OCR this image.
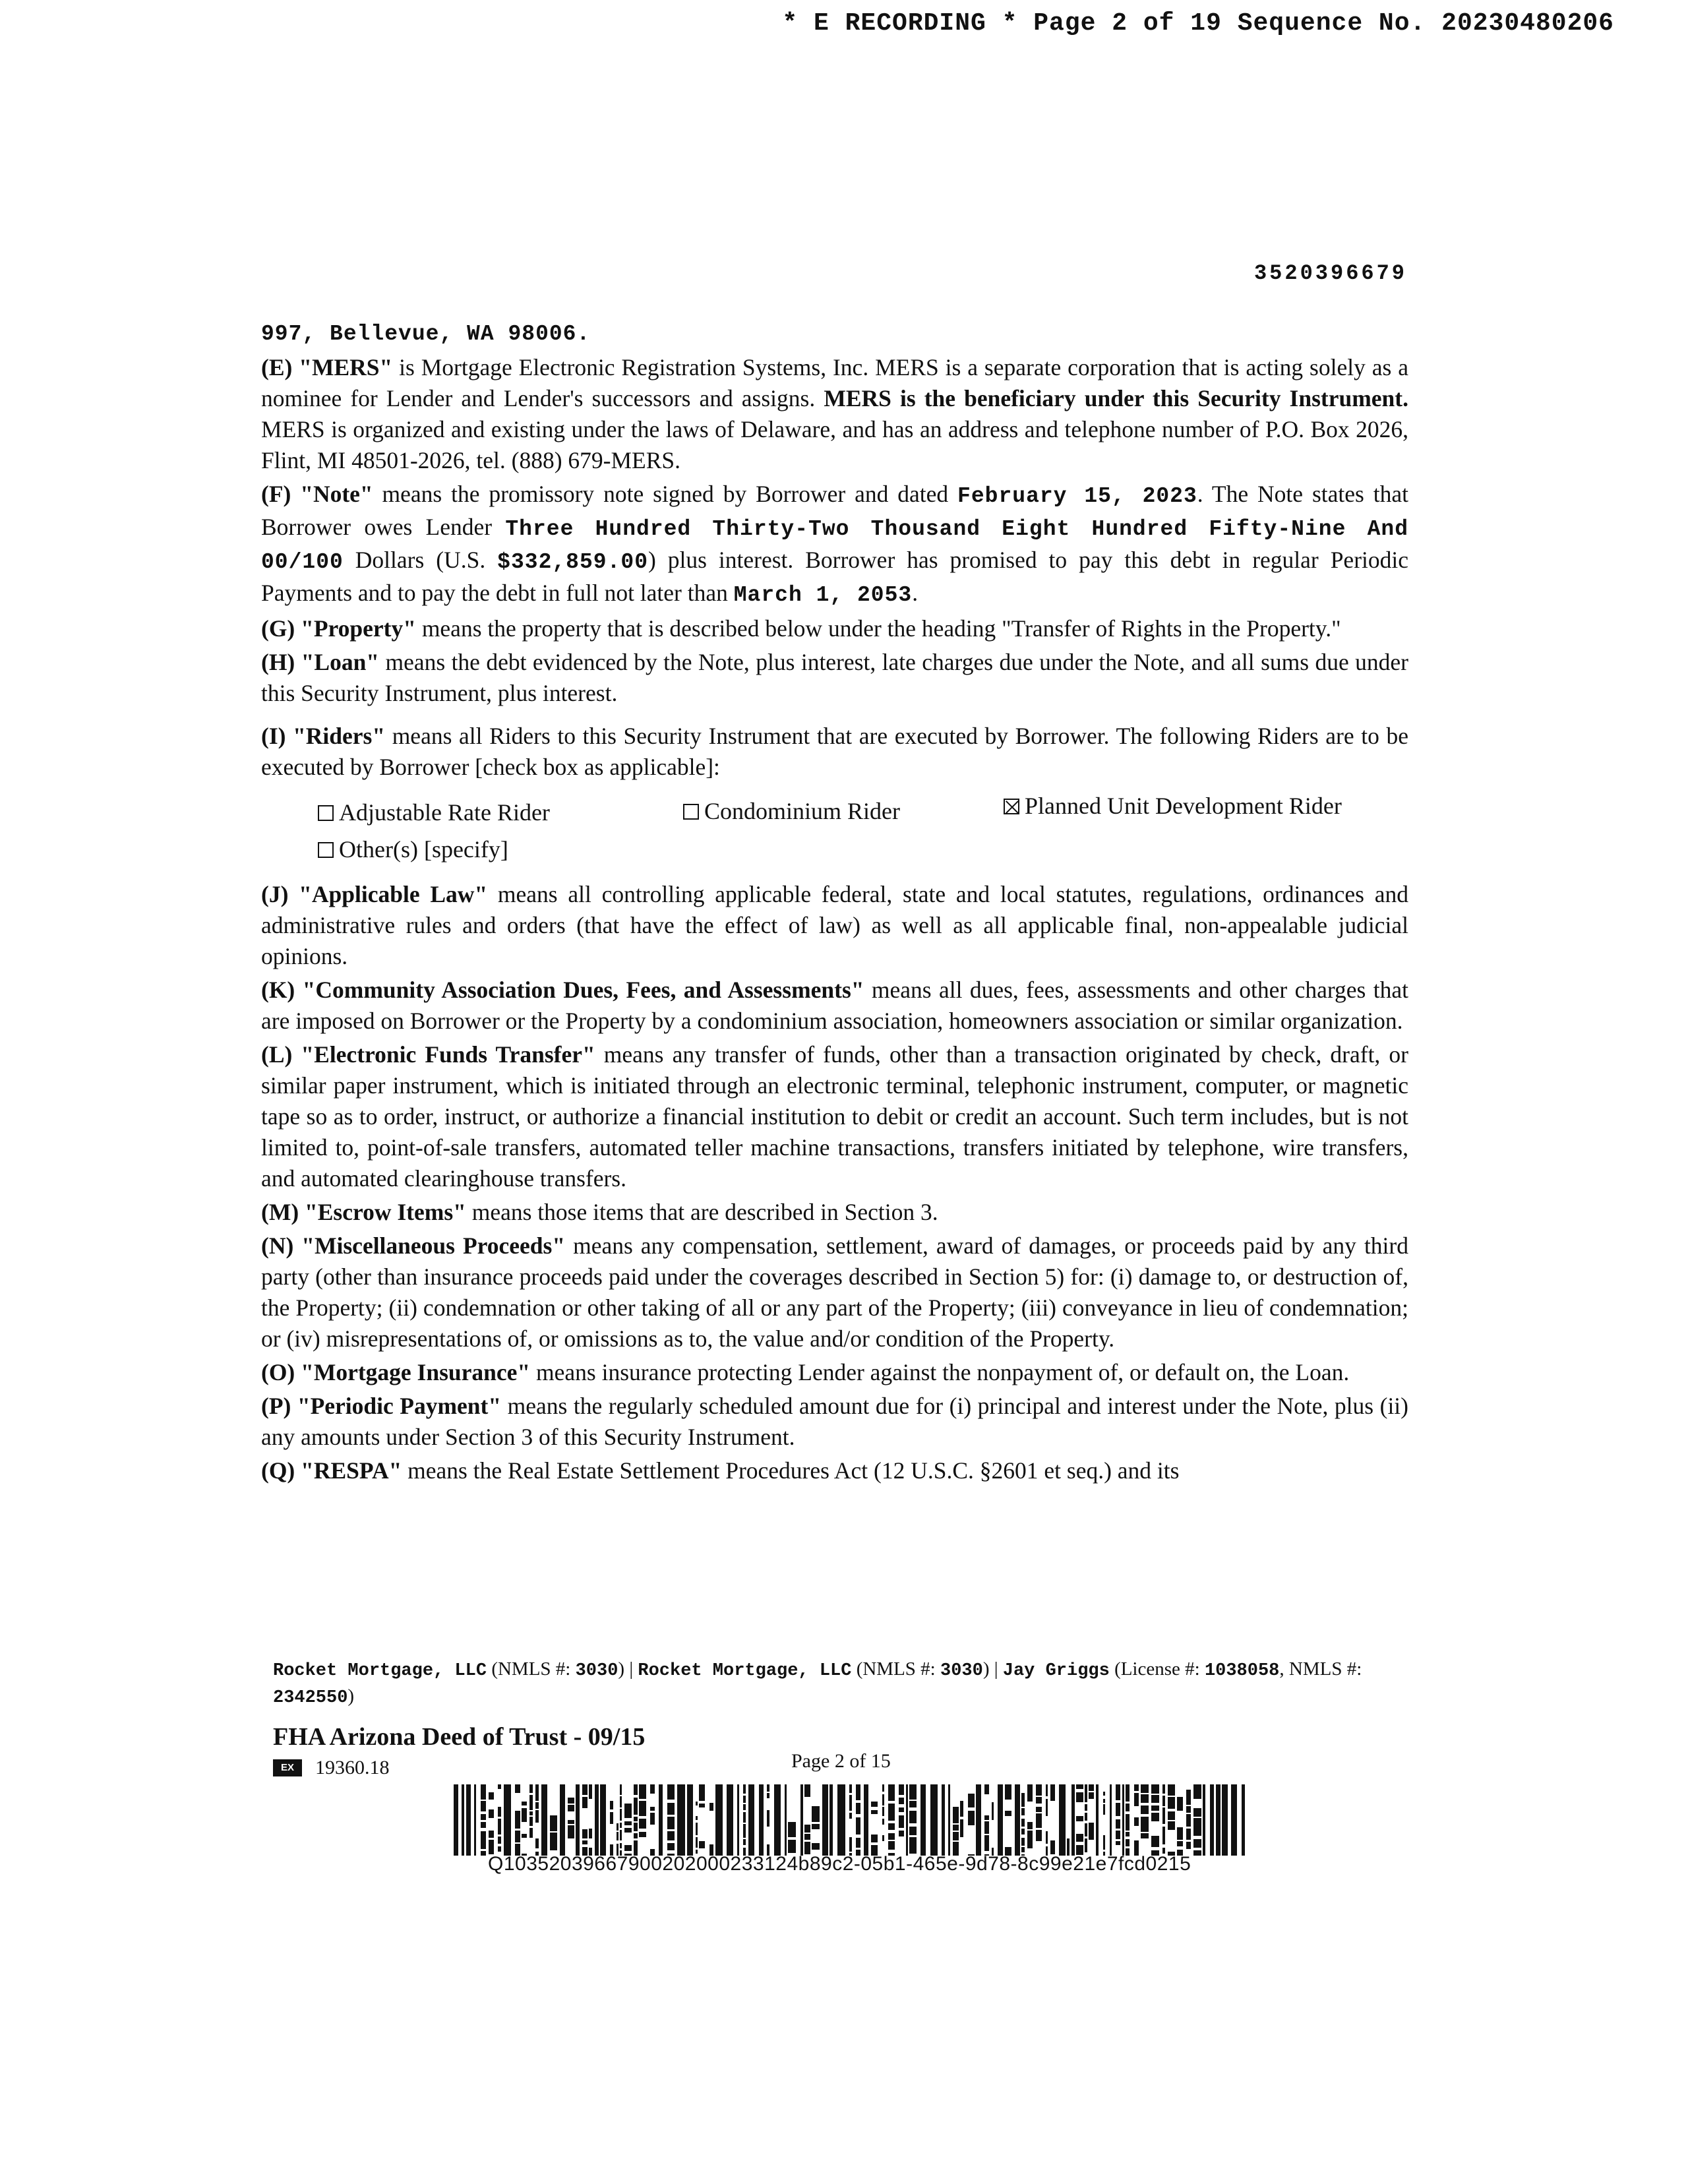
* E RECORDING * Page 2 of 19 Sequence No. 20230480206
3520396679

997, Bellevue, WA 98006.

(E) "MERS" is Mortgage Electronic Registration Systems, Inc. MERS is a separate corporation that is acting solely as a nominee for Lender and Lender's successors and assigns. MERS is the beneficiary under this Security Instrument. MERS is organized and existing under the laws of Delaware, and has an address and telephone number of P.O. Box 2026, Flint, MI 48501-2026, tel. (888) 679-MERS.

(F) "Note" means the promissory note signed by Borrower and dated February 15, 2023. The Note states that Borrower owes Lender Three Hundred Thirty-Two Thousand Eight Hundred Fifty-Nine And 00/100 Dollars (U.S. $332,859.00) plus interest. Borrower has promised to pay this debt in regular Periodic Payments and to pay the debt in full not later than March 1, 2053.

(G) "Property" means the property that is described below under the heading "Transfer of Rights in the Property."

(H) "Loan" means the debt evidenced by the Note, plus interest, late charges due under the Note, and all sums due under this Security Instrument, plus interest.

(I) "Riders" means all Riders to this Security Instrument that are executed by Borrower. The following Riders are to be executed by Borrower [check box as applicable]:

Adjustable Rate Rider	Condominium Rider	Planned Unit Development Rider
Other(s) [specify]

(J) "Applicable Law" means all controlling applicable federal, state and local statutes, regulations, ordinances and administrative rules and orders (that have the effect of law) as well as all applicable final, non-appealable judicial opinions.

(K) "Community Association Dues, Fees, and Assessments" means all dues, fees, assessments and other charges that are imposed on Borrower or the Property by a condominium association, homeowners association or similar organization.

(L) "Electronic Funds Transfer" means any transfer of funds, other than a transaction originated by check, draft, or similar paper instrument, which is initiated through an electronic terminal, telephonic instrument, computer, or magnetic tape so as to order, instruct, or authorize a financial institution to debit or credit an account. Such term includes, but is not limited to, point-of-sale transfers, automated teller machine transactions, transfers initiated by telephone, wire transfers, and automated clearinghouse transfers.

(M) "Escrow Items" means those items that are described in Section 3.

(N) "Miscellaneous Proceeds" means any compensation, settlement, award of damages, or proceeds paid by any third party (other than insurance proceeds paid under the coverages described in Section 5) for: (i) damage to, or destruction of, the Property; (ii) condemnation or other taking of all or any part of the Property; (iii) conveyance in lieu of condemnation; or (iv) misrepresentations of, or omissions as to, the value and/or condition of the Property.

(O) "Mortgage Insurance" means insurance protecting Lender against the nonpayment of, or default on, the Loan.

(P) "Periodic Payment" means the regularly scheduled amount due for (i) principal and interest under the Note, plus (ii) any amounts under Section 3 of this Security Instrument.

(Q) "RESPA" means the Real Estate Settlement Procedures Act (12 U.S.C. §2601 et seq.) and its

Rocket Mortgage, LLC (NMLS #: 3030) | Rocket Mortgage, LLC (NMLS #: 3030) | Jay Griggs (License #: 1038058, NMLS #: 2342550)
FHA Arizona Deed of Trust - 09/15
EX	19360.18	Page 2 of 15
Q10352039667900202000233124b89c2-05b1-465e-9d78-8c99e21e7fcd0215
